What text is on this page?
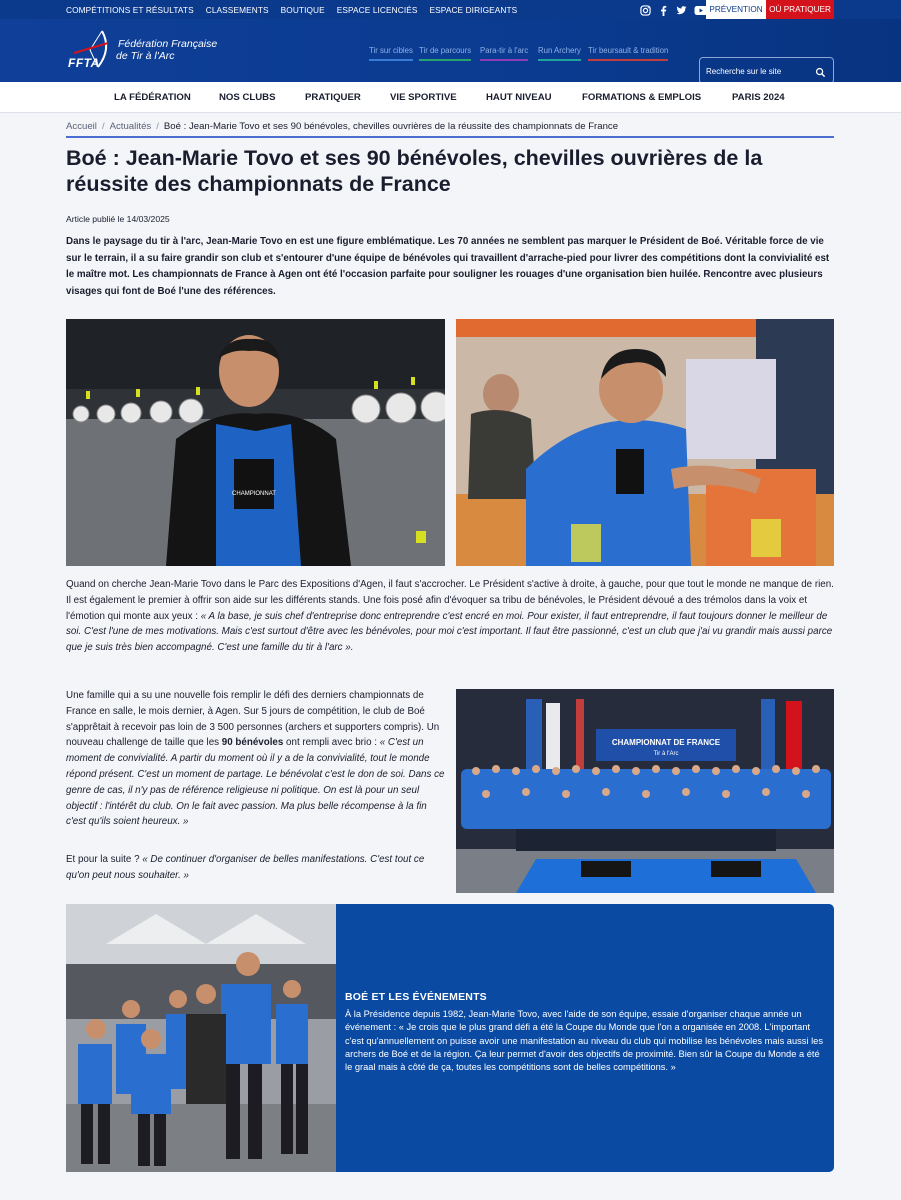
COMPÉTITIONS ET RÉSULTATS CLASSEMENTS BOUTIQUE ESPACE LICENCIÉS ESPACE DIRIGEANTS	PRÉVENTION OÙ PRATIQUER
FFTA
Fédération Française
de Tir à l'Arc	Tir sur cibles Tir de parcours Para-tir à l'arc Run Archery Tir beursault & tradition
Recherche sur le site
LA FÉDÉRATION	NOS CLUBS	PRATIQUER	VIE SPORTIVE	HAUT NIVEAU	FORMATIONS & EMPLOIS	PARIS 2024
Accueil / Actualités / Boé : Jean-Marie Tovo et ses 90 bénévoles, chevilles ouvrières de la réussite des championnats de France
Boé : Jean-Marie Tovo et ses 90 bénévoles, chevilles ouvrières de la réussite des championnats de France
Article publié le 14/03/2025
Dans le paysage du tir à l'arc, Jean-Marie Tovo en est une figure emblématique. Les 70 années ne semblent pas marquer le Président de Boé. Véritable force de vie sur le terrain, il a su faire grandir son club et s'entourer d'une équipe de bénévoles qui travaillent d'arrache-pied pour livrer des compétitions dont la convivialité est le maître mot. Les championnats de France à Agen ont été l'occasion parfaite pour souligner les rouages d'une organisation bien huilée. Rencontre avec plusieurs visages qui font de Boé l'une des références.
CHAMPIONNAT

Quand on cherche Jean-Marie Tovo dans le Parc des Expositions d'Agen, il faut s'accrocher. Le Président s'active à droite, à gauche, pour que tout le monde ne manque de rien. Il est également le premier à offrir son aide sur les différents stands. Une fois posé afin d'évoquer sa tribu de bénévoles, le Président dévoué a des trémolos dans la voix et l'émotion qui monte aux yeux : « A la base, je suis chef d'entreprise donc entreprendre c'est encré en moi. Pour exister, il faut entreprendre, il faut toujours donner le meilleur de soi. C'est l'une de mes motivations. Mais c'est surtout d'être avec les bénévoles, pour moi c'est important. Il faut être passionné, c'est un club que j'ai vu grandir mais aussi parce que je suis très bien accompagné. C'est une famille du tir à l'arc ».

Une famille qui a su une nouvelle fois remplir le défi des derniers championnats de France en salle, le mois dernier, à Agen. Sur 5 jours de compétition, le club de Boé s'apprêtait à recevoir pas loin de 3 500 personnes (archers et supporters compris). Un nouveau challenge de taille que les 90 bénévoles ont rempli avec brio : « C'est un moment de convivialité. A partir du moment où il y a de la convivialité, tout le monde répond présent. C'est un moment de partage. Le bénévolat c'est le don de soi. Dans ce genre de cas, il n'y pas de référence religieuse ni politique. On est là pour un seul objectif : l'intérêt du club. On le fait avec passion. Ma plus belle récompense à la fin c'est qu'ils soient heureux. »

Et pour la suite ? « De continuer d'organiser de belles manifestations. C'est tout ce qu'on peut nous souhaiter. »

CHAMPIONNAT DE FRANCE
Tir à l'Arc
BOÉ ET LES ÉVÉNEMENTS

À la Présidence depuis 1982, Jean-Marie Tovo, avec l'aide de son équipe, essaie d'organiser chaque année un événement : « Je crois que le plus grand défi a été la Coupe du Monde que l'on a organisée en 2008. L'important c'est qu'annuellement on puisse avoir une manifestation au niveau du club qui mobilise les bénévoles mais aussi les archers de Boé et de la région. Ça leur permet d'avoir des objectifs de proximité. Bien sûr la Coupe du Monde a été le graal mais à côté de ça, toutes les compétitions sont de belles compétitions. »
